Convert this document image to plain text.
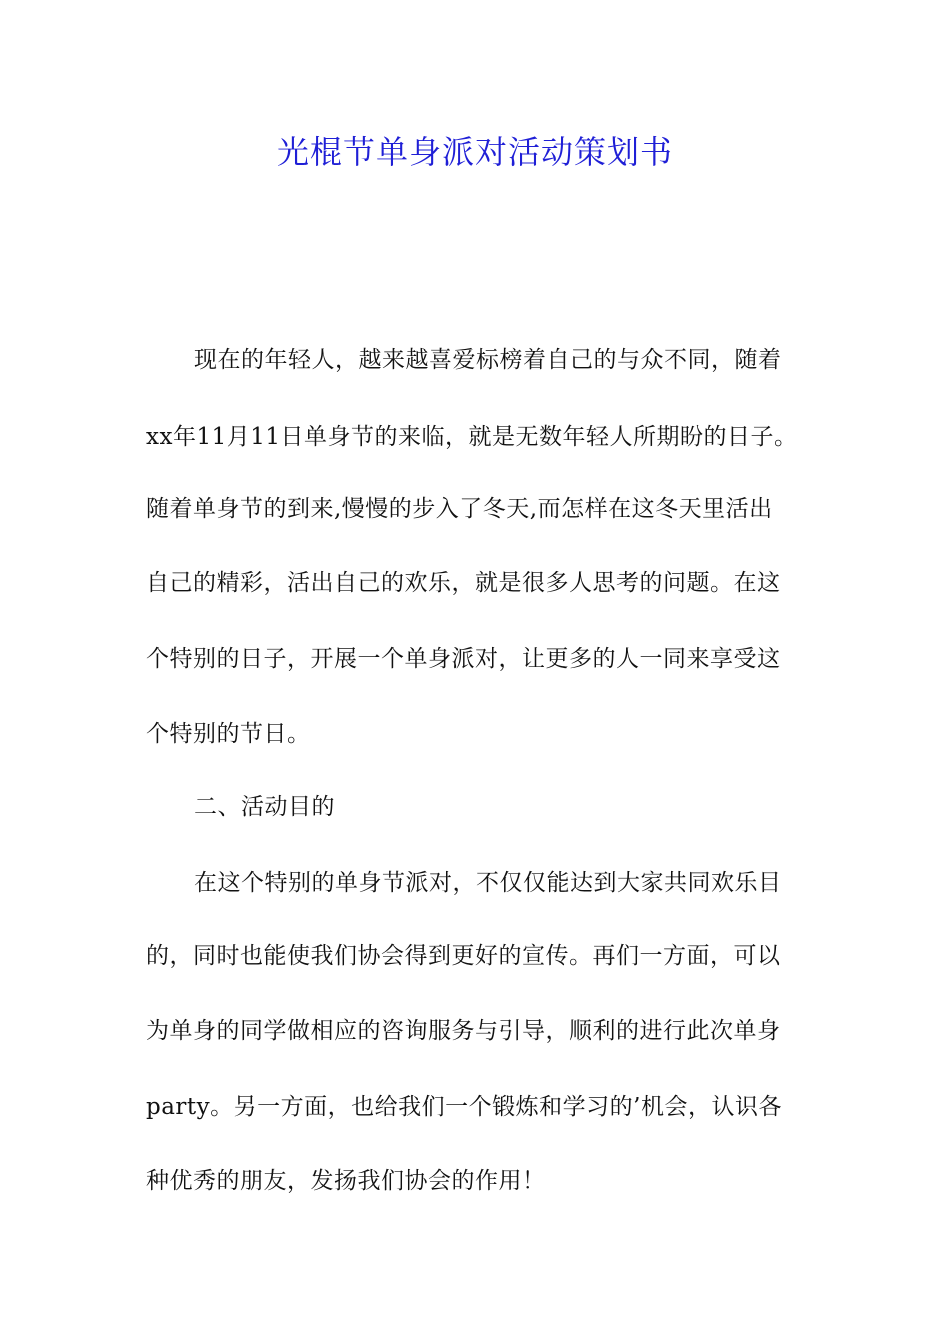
光棍节单身派对活动策划书
现在的年轻人，越来越喜爱标榜着自己的与众不同，随着
xx年11月11日单身节的来临，就是无数年轻人所期盼的日子。
随着单身节的到来,慢慢的步入了冬天,而怎样在这冬天里活出
自己的精彩，活出自己的欢乐，就是很多人思考的问题。在这
个特别的日子，开展一个单身派对，让更多的人一同来享受这
个特别的节日。
二、活动目的
在这个特别的单身节派对，不仅仅能达到大家共同欢乐目
的，同时也能使我们协会得到更好的宣传。再们一方面，可以
为单身的同学做相应的咨询服务与引导，顺利的进行此次单身
party。另一方面，也给我们一个锻炼和学习的’机会，认识各
种优秀的朋友，发扬我们协会的作用！
